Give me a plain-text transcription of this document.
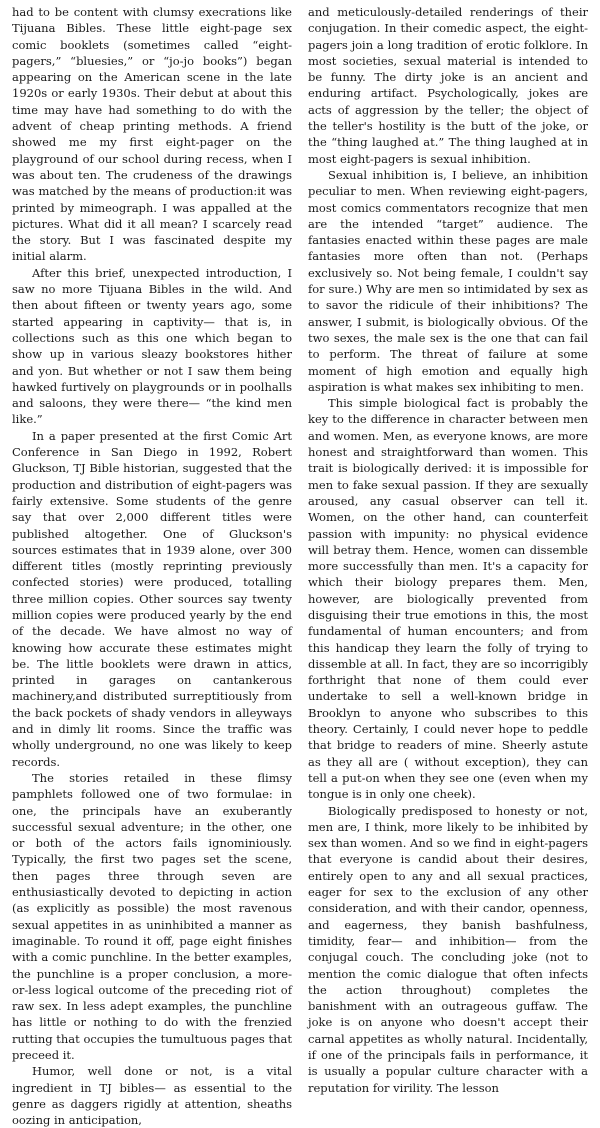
had to be content with clumsy execrations like Tijuana Bibles. These little eight-page sex comic booklets (sometimes called “eight-pagers,” “bluesies,” or “jo-jo books”) began appearing on the American scene in the late 1920s or early 1930s. Their debut at about this time may have had something to do with the advent of cheap printing methods. A friend showed me my first eight-pager on the playground of our school during recess, when I was about ten. The crudeness of the drawings was matched by the means of production:it was printed by mimeograph. I was appalled at the pictures. What did it all mean? I scarcely read the story. But I was fascinated despite my initial alarm.

After this brief, unexpected introduction, I saw no more Tijuana Bibles in the wild. And then about fifteen or twenty years ago, some started appearing in captivity— that is, in collections such as this one which began to show up in various sleazy bookstores hither and yon. But whether or not I saw them being hawked furtively on playgrounds or in poolhalls and saloons, they were there— “the kind men like.”

In a paper presented at the first Comic Art Conference in San Diego in 1992, Robert Gluckson, TJ Bible historian, suggested that the production and distribution of eight-pagers was fairly extensive. Some students of the genre say that over 2,000 different titles were published altogether. One of Gluckson's sources estimates that in 1939 alone, over 300 different titles (mostly reprinting previously confected stories) were produced, totalling three million copies. Other sources say twenty million copies were produced yearly by the end of the decade. We have almost no way of knowing how accurate these estimates might be. The little booklets were drawn in attics, printed in garages on cantankerous machinery,and distributed surreptitiously from the back pockets of shady vendors in alleyways and in dimly lit rooms. Since the traffic was wholly underground, no one was likely to keep records.

The stories retailed in these flimsy pamphlets followed one of two formulae: in one, the principals have an exuberantly successful sexual adventure; in the other, one or both of the actors fails ignominiously. Typically, the first two pages set the scene, then pages three through seven are enthusiastically devoted to depicting in action (as explicitly as possible) the most ravenous sexual appetites in as uninhibited a manner as imaginable. To round it off, page eight finishes with a comic punchline. In the better examples, the punchline is a proper conclusion, a more-or-less logical outcome of the preceding riot of raw sex. In less adept examples, the punchline has little or nothing to do with the frenzied rutting that occupies the tumultuous pages that preceed it.

Humor, well done or not, is a vital ingredient in TJ bibles— as essential to the genre as daggers rigidly at attention, sheaths oozing in anticipation,

and meticulously-detailed renderings of their conjugation. In their comedic aspect, the eight-pagers join a long tradition of erotic folklore. In most societies, sexual material is intended to be funny. The dirty joke is an ancient and enduring artifact. Psychologically, jokes are acts of aggression by the teller; the object of the teller's hostility is the butt of the joke, or the “thing laughed at.” The thing laughed at in most eight-pagers is sexual inhibition.

Sexual inhibition is, I believe, an inhibition peculiar to men. When reviewing eight-pagers, most comics commentators recognize that men are the intended “target” audience. The fantasies enacted within these pages are male fantasies more often than not. (Perhaps exclusively so. Not being female, I couldn't say for sure.) Why are men so intimidated by sex as to savor the ridicule of their inhibitions? The answer, I submit, is biologically obvious. Of the two sexes, the male sex is the one that can fail to perform. The threat of failure at some moment of high emotion and equally high aspiration is what makes sex inhibiting to men.

This simple biological fact is probably the key to the difference in character between men and women. Men, as everyone knows, are more honest and straightforward than women. This trait is biologically derived: it is impossible for men to fake sexual passion. If they are sexually aroused, any casual observer can tell it. Women, on the other hand, can counterfeit passion with impunity: no physical evidence will betray them. Hence, women can dissemble more successfully than men. It's a capacity for which their biology prepares them. Men, however, are biologically prevented from disguising their true emotions in this, the most fundamental of human encounters; and from this handicap they learn the folly of trying to dissemble at all. In fact, they are so incorrigibly forthright that none of them could ever undertake to sell a well-known bridge in Brooklyn to anyone who subscribes to this theory. Certainly, I could never hope to peddle that bridge to readers of mine. Sheerly astute as they all are ( without exception), they can tell a put-on when they see one (even when my tongue is in only one cheek).

Biologically predisposed to honesty or not, men are, I think, more likely to be inhibited by sex than women. And so we find in eight-pagers that everyone is candid about their desires, entirely open to any and all sexual practices, eager for sex to the exclusion of any other consideration, and with their candor, openness, and eagerness, they banish bashfulness, timidity, fear— and inhibition— from the conjugal couch. The concluding joke (not to mention the comic dialogue that often infects the action throughout) completes the banishment with an outrageous guffaw. The joke is on anyone who doesn't accept their carnal appetites as wholly natural. Incidentally, if one of the principals fails in performance, it is usually a popular culture character with a reputation for virility. The lesson
